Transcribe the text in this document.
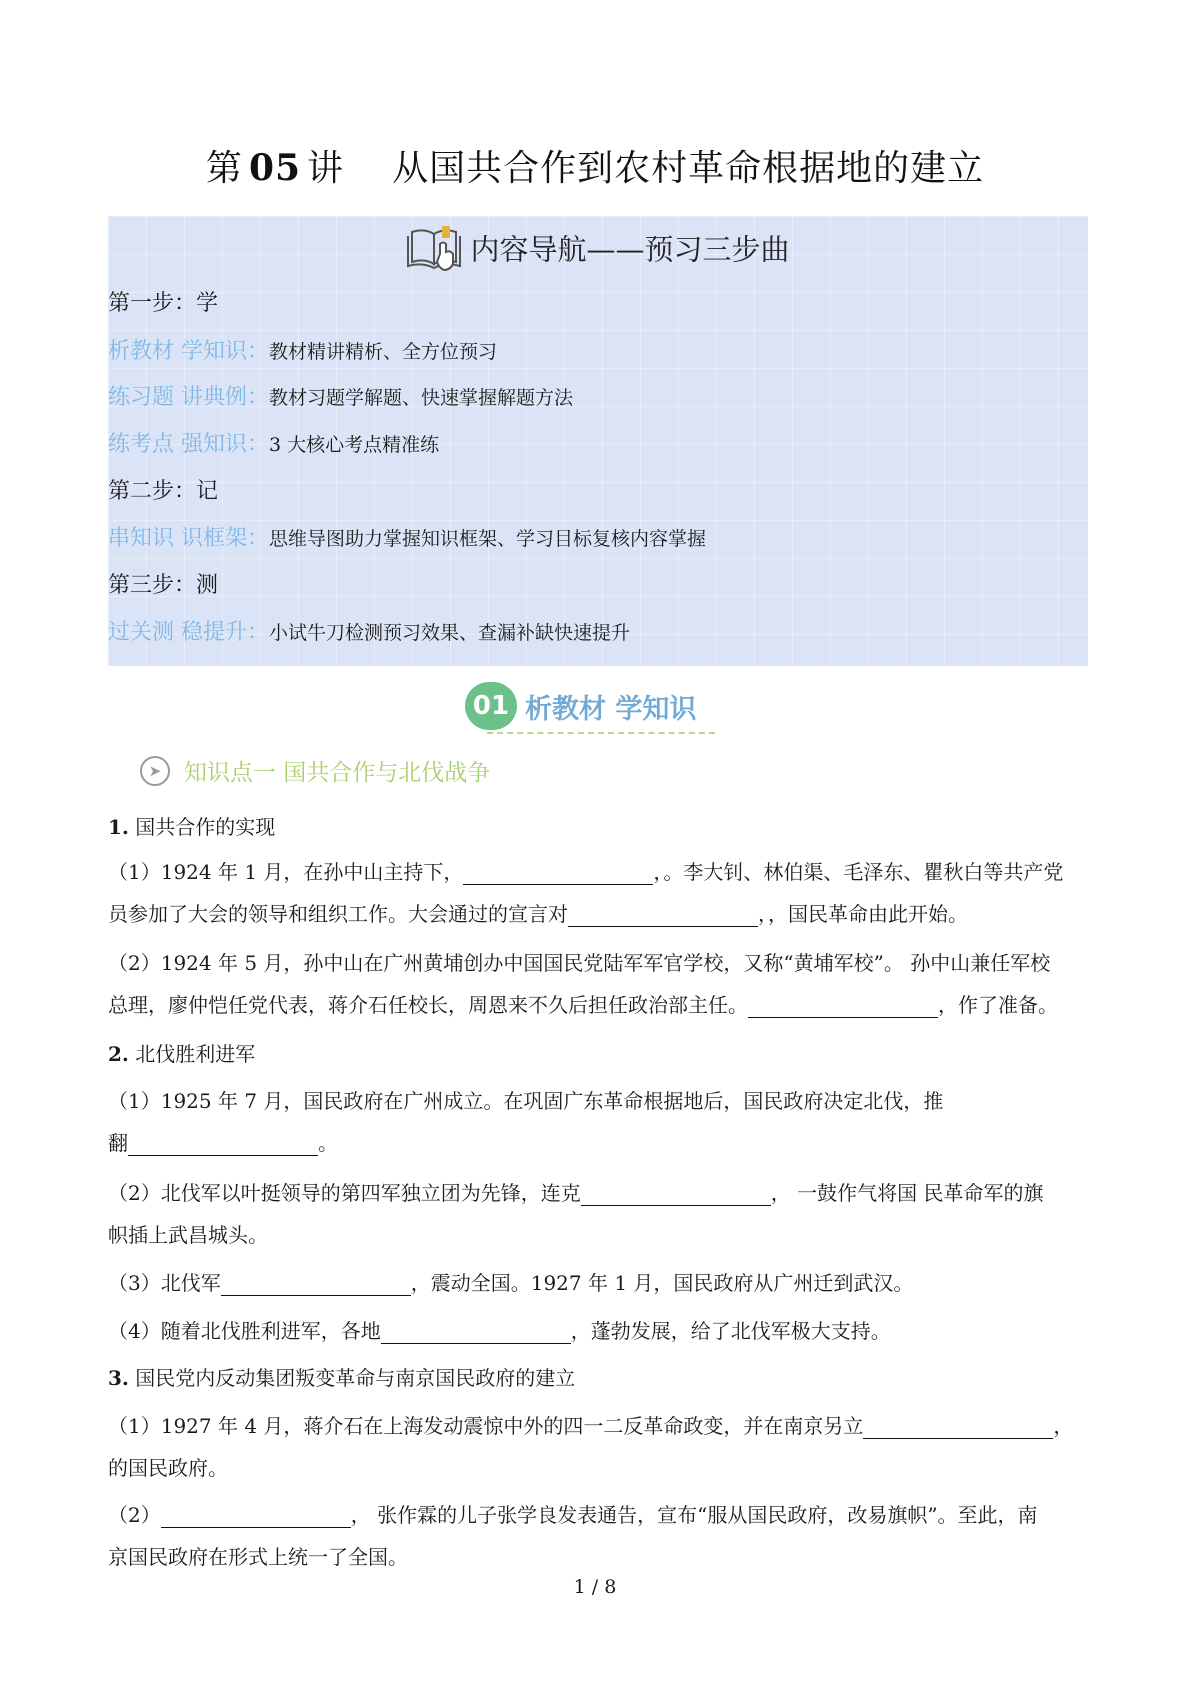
第 05 讲 从国共合作到农村革命根据地的建立
内容导航——预习三步曲
第一步：学
析教材 学知识：教材精讲精析、全方位预习
练习题 讲典例：教材习题学解题、快速掌握解题方法
练考点 强知识：3 大核心考点精准练
第二步：记
串知识 识框架：思维导图助力掌握知识框架、学习目标复核内容掌握
第三步：测
过关测 稳提升：小试牛刀检测预习效果、查漏补缺快速提升
01 析教材 学知识
➤ 知识点一 国共合作与北伐战争
1. 国共合作的实现
（1）1924 年 1 月，在孙中山主持下，	，。李大钊、林伯渠、毛泽东、瞿秋白等共产党
员参加了大会的领导和组织工作。大会通过的宣言对	，，国民革命由此开始。
（2）1924 年 5 月，孙中山在广州黄埔创办中国国民党陆军军官学校，又称“黄埔军校”。 孙中山兼任军校
总理，廖仲恺任党代表，蒋介石任校长，周恩来不久后担任政治部主任。	，作了准备。
2. 北伐胜利进军
（1）1925 年 7 月，国民政府在广州成立。在巩固广东革命根据地后，国民政府决定北伐，推
翻	。
（2）北伐军以叶挺领导的第四军独立团为先锋，连克	， 一鼓作气将国 民革命军的旗
帜插上武昌城头。
（3）北伐军	，震动全国。1927 年 1 月，国民政府从广州迁到武汉。
（4）随着北伐胜利进军，各地	，蓬勃发展，给了北伐军极大支持。
3. 国民党内反动集团叛变革命与南京国民政府的建立
（1）1927 年 4 月，蒋介石在上海发动震惊中外的四一二反革命政变，并在南京另立	，
的国民政府。
（2）	， 张作霖的儿子张学良发表通告，宣布“服从国民政府，改易旗帜”。至此，南
京国民政府在形式上统一了全国。
1 / 8
